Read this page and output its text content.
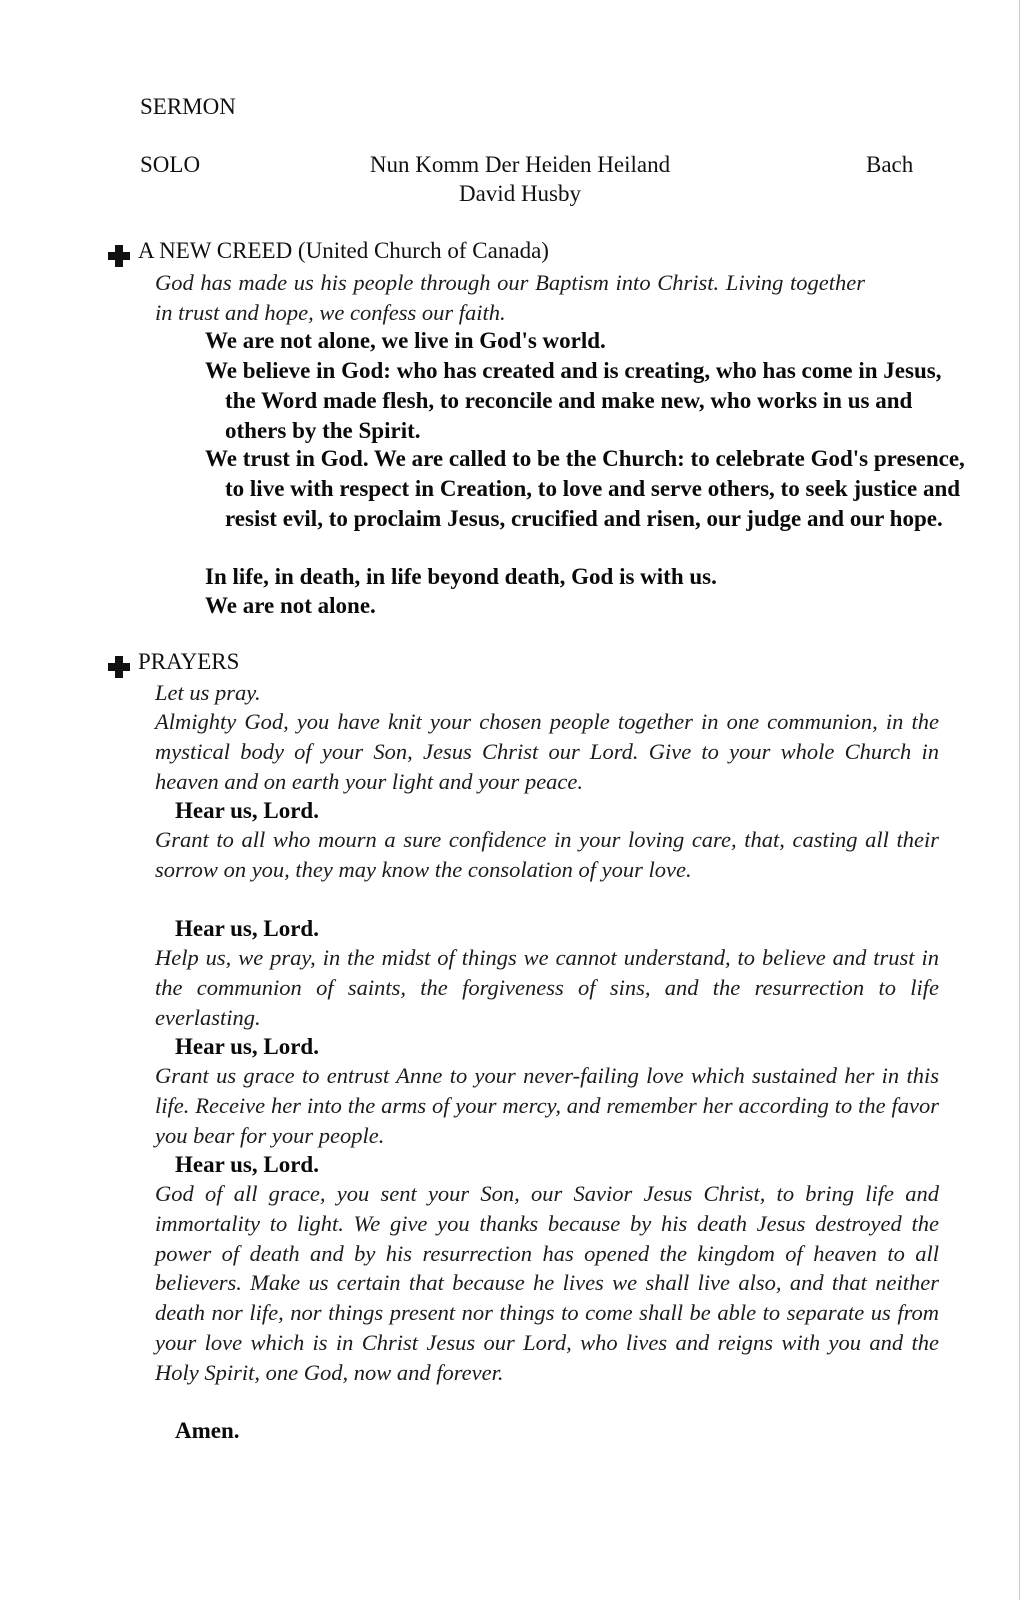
SERMON
SOLO	Nun Komm Der Heiden Heiland	Bach
David Husby
A NEW CREED (United Church of Canada)
God has made us his people through our Baptism into Christ. Living together in trust and hope, we confess our faith.
We are not alone, we live in God's world.
We believe in God: who has created and is creating, who has come in Jesus, the Word made flesh, to reconcile and make new, who works in us and others by the Spirit.
We trust in God. We are called to be the Church: to celebrate God's presence, to live with respect in Creation, to love and serve others, to seek justice and resist evil, to proclaim Jesus, crucified and risen, our judge and our hope.
In life, in death, in life beyond death, God is with us.
We are not alone.
PRAYERS
Let us pray.
Almighty God, you have knit your chosen people together in one communion, in the mystical body of your Son, Jesus Christ our Lord. Give to your whole Church in heaven and on earth your light and your peace.
Hear us, Lord.
Grant to all who mourn a sure confidence in your loving care, that, casting all their sorrow on you, they may know the consolation of your love.
Hear us, Lord.
Help us, we pray, in the midst of things we cannot understand, to believe and trust in the communion of saints, the forgiveness of sins, and the resurrection to life everlasting.
Hear us, Lord.
Grant us grace to entrust Anne to your never-failing love which sustained her in this life. Receive her into the arms of your mercy, and remember her according to the favor you bear for your people.
Hear us, Lord.
God of all grace, you sent your Son, our Savior Jesus Christ, to bring life and immortality to light. We give you thanks because by his death Jesus destroyed the power of death and by his resurrection has opened the kingdom of heaven to all believers. Make us certain that because he lives we shall live also, and that neither death nor life, nor things present nor things to come shall be able to separate us from your love which is in Christ Jesus our Lord, who lives and reigns with you and the Holy Spirit, one God, now and forever.
Amen.
